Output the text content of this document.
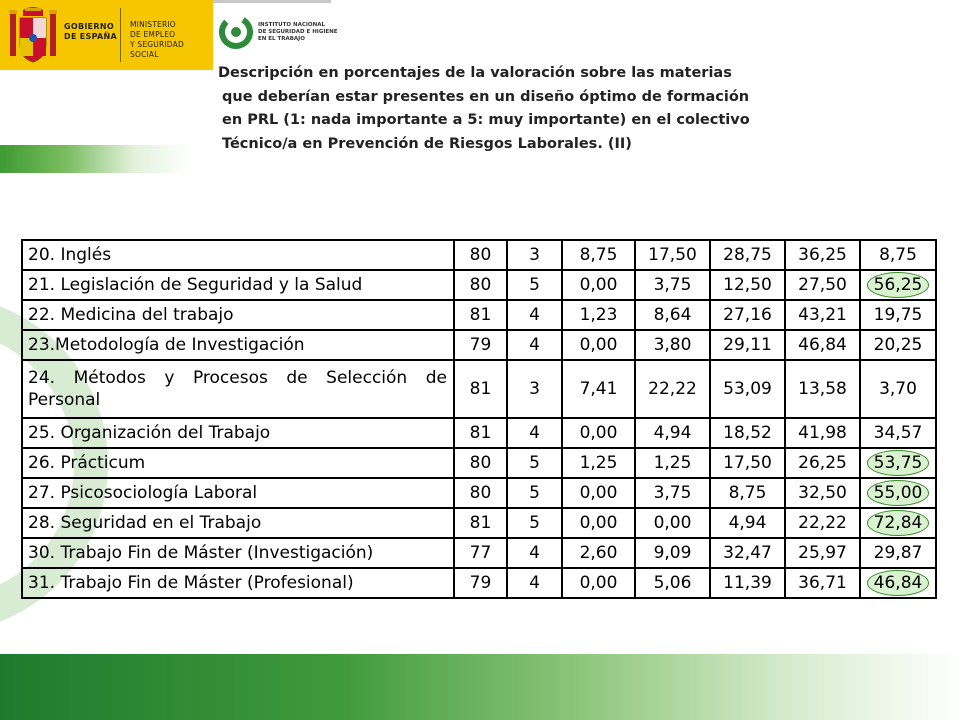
GOBIERNO
DE ESPAÑA
MINISTERIO
DE EMPLEO
Y SEGURIDAD SOCIAL
INSTITUTO NACIONAL
DE SEGURIDAD E HIGIENE
EN EL TRABAJO
Descripción en porcentajes de la valoración sobre las materias
que deberían estar presentes en un diseño óptimo de formación
en PRL (1: nada importante a 5: muy importante) en el colectivo
Técnico/a en Prevención de Riesgos Laborales. (II)
20. Inglés	80	3	8,75	17,50	28,75	36,25	8,75
21. Legislación de Seguridad y la Salud	80	5	0,00	3,75	12,50	27,50	56,25
22. Medicina del trabajo	81	4	1,23	8,64	27,16	43,21	19,75
23.Metodología de Investigación	79	4	0,00	3,80	29,11	46,84	20,25

24. Métodos y Procesos de Selección de
Personal	81	3	7,41	22,22	53,09	13,58	3,70
25. Organización del Trabajo	81	4	0,00	4,94	18,52	41,98	34,57
26. Prácticum	80	5	1,25	1,25	17,50	26,25	53,75
27. Psicosociología Laboral	80	5	0,00	3,75	8,75	32,50	55,00
28. Seguridad en el Trabajo	81	5	0,00	0,00	4,94	22,22	72,84
30. Trabajo Fin de Máster (Investigación)	77	4	2,60	9,09	32,47	25,97	29,87
31. Trabajo Fin de Máster (Profesional)	79	4	0,00	5,06	11,39	36,71	46,84
